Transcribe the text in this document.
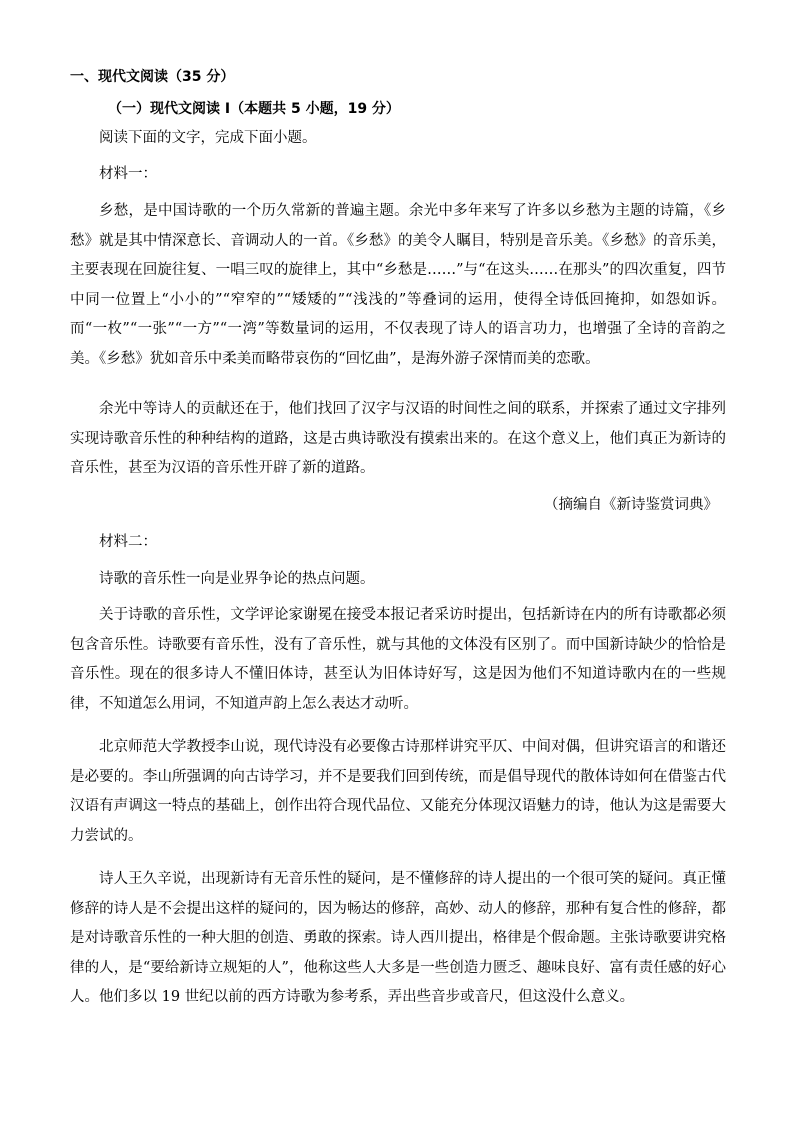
一、现代文阅读（35 分）
（一）现代文阅读 I（本题共 5 小题，19 分）

阅读下面的文字，完成下面小题。

材料一：

乡愁，是中国诗歌的一个历久常新的普遍主题。余光中多年来写了许多以乡愁为主题的诗篇，《乡愁》就是其中情深意长、音调动人的一首。《乡愁》的美令人瞩目，特别是音乐美。《乡愁》的音乐美，主要表现在回旋往复、一唱三叹的旋律上，其中“乡愁是……”与“在这头……在那头”的四次重复，四节中同一位置上“小小的”“窄窄的”“矮矮的”“浅浅的”等叠词的运用，使得全诗低回掩抑，如怨如诉。而“一枚”“一张”“一方”“一湾”等数量词的运用，不仅表现了诗人的语言功力，也增强了全诗的音韵之美。《乡愁》犹如音乐中柔美而略带哀伤的“回忆曲”，是海外游子深情而美的恋歌。

余光中等诗人的贡献还在于，他们找回了汉字与汉语的时间性之间的联系，并探索了通过文字排列实现诗歌音乐性的种种结构的道路，这是古典诗歌没有摸索出来的。在这个意义上，他们真正为新诗的音乐性，甚至为汉语的音乐性开辟了新的道路。

（摘编自《新诗鉴赏词典》

材料二：

诗歌的音乐性一向是业界争论的热点问题。

关于诗歌的音乐性，文学评论家谢冕在接受本报记者采访时提出，包括新诗在内的所有诗歌都必须包含音乐性。诗歌要有音乐性，没有了音乐性，就与其他的文体没有区别了。而中国新诗缺少的恰恰是音乐性。现在的很多诗人不懂旧体诗，甚至认为旧体诗好写，这是因为他们不知道诗歌内在的一些规律，不知道怎么用词，不知道声韵上怎么表达才动听。

北京师范大学教授李山说，现代诗没有必要像古诗那样讲究平仄、中间对偶，但讲究语言的和谐还是必要的。李山所强调的向古诗学习，并不是要我们回到传统，而是倡导现代的散体诗如何在借鉴古代汉语有声调这一特点的基础上，创作出符合现代品位、又能充分体现汉语魅力的诗，他认为这是需要大力尝试的。

诗人王久辛说，出现新诗有无音乐性的疑问，是不懂修辞的诗人提出的一个很可笑的疑问。真正懂修辞的诗人是不会提出这样的疑问的，因为畅达的修辞，高妙、动人的修辞，那种有复合性的修辞，都是对诗歌音乐性的一种大胆的创造、勇敢的探索。诗人西川提出，格律是个假命题。主张诗歌要讲究格律的人，是“要给新诗立规矩的人”，他称这些人大多是一些创造力匮乏、趣味良好、富有责任感的好心人。他们多以 19 世纪以前的西方诗歌为参考系，弄出些音步或音尺，但这没什么意义。
